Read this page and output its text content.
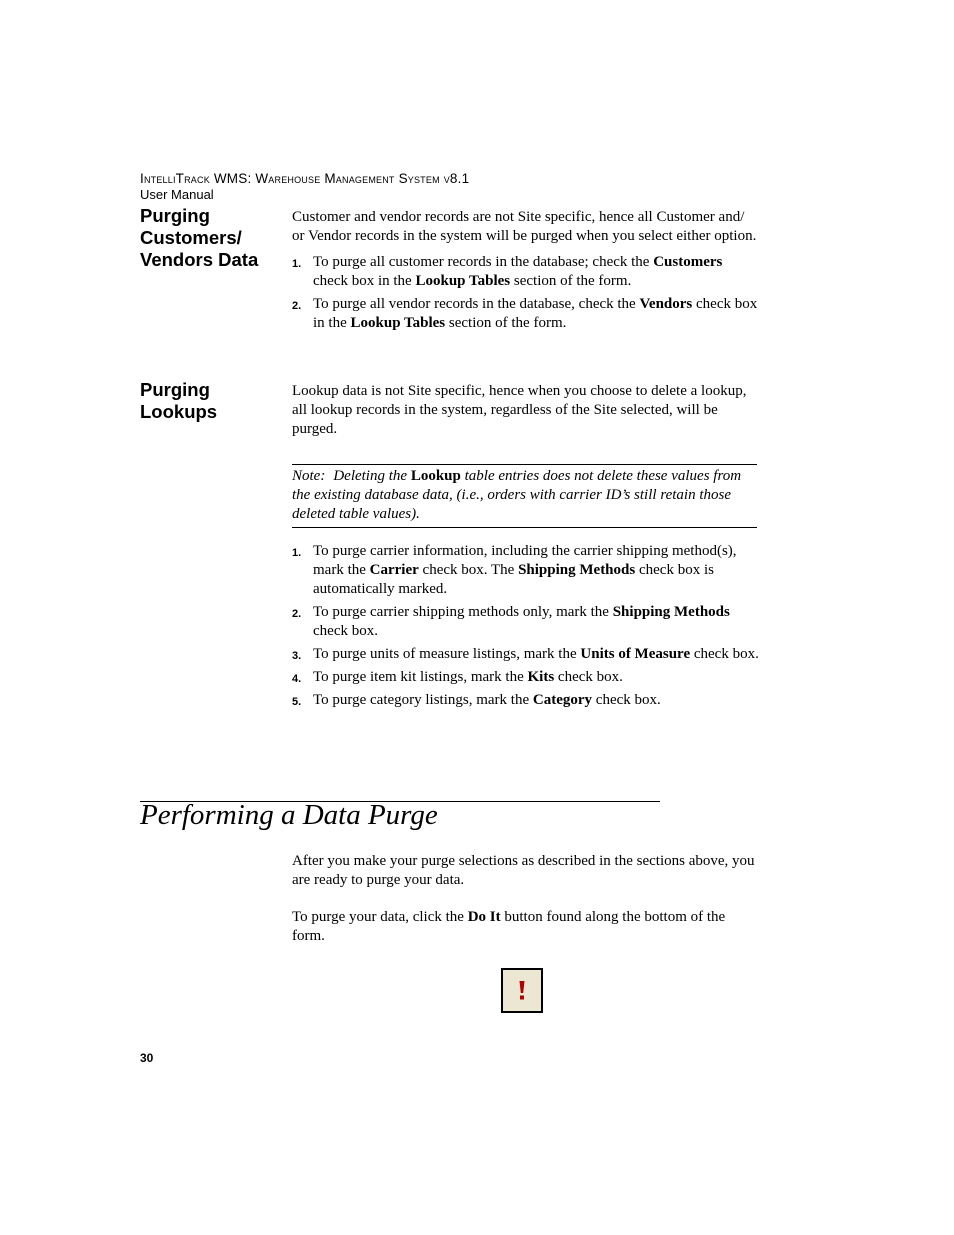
IntelliTrack WMS: Warehouse Management System v8.1
User Manual
Purging
Customers/
Vendors Data

Customer and vendor records are not Site specific, hence all Customer and/ or Vendor records in the system will be purged when you select either option.

1. To purge all customer records in the database; check the Customers check box in the Lookup Tables section of the form.
2. To purge all vendor records in the database, check the Vendors check box in the Lookup Tables section of the form.
Purging
Lookups

Lookup data is not Site specific, hence when you choose to delete a lookup, all lookup records in the system, regardless of the Site selected, will be purged.

Note: Deleting the Lookup table entries does not delete these values from the existing database data, (i.e., orders with carrier ID’s still retain those deleted table values).
1. To purge carrier information, including the carrier shipping method(s), mark the Carrier check box. The Shipping Methods check box is automatically marked.
2. To purge carrier shipping methods only, mark the Shipping Methods check box.
3. To purge units of measure listings, mark the Units of Measure check box.
4. To purge item kit listings, mark the Kits check box.
5. To purge category listings, mark the Category check box.
Performing a Data Purge

After you make your purge selections as described in the sections above, you are ready to purge your data.

To purge your data, click the Do It button found along the bottom of the form.

30
